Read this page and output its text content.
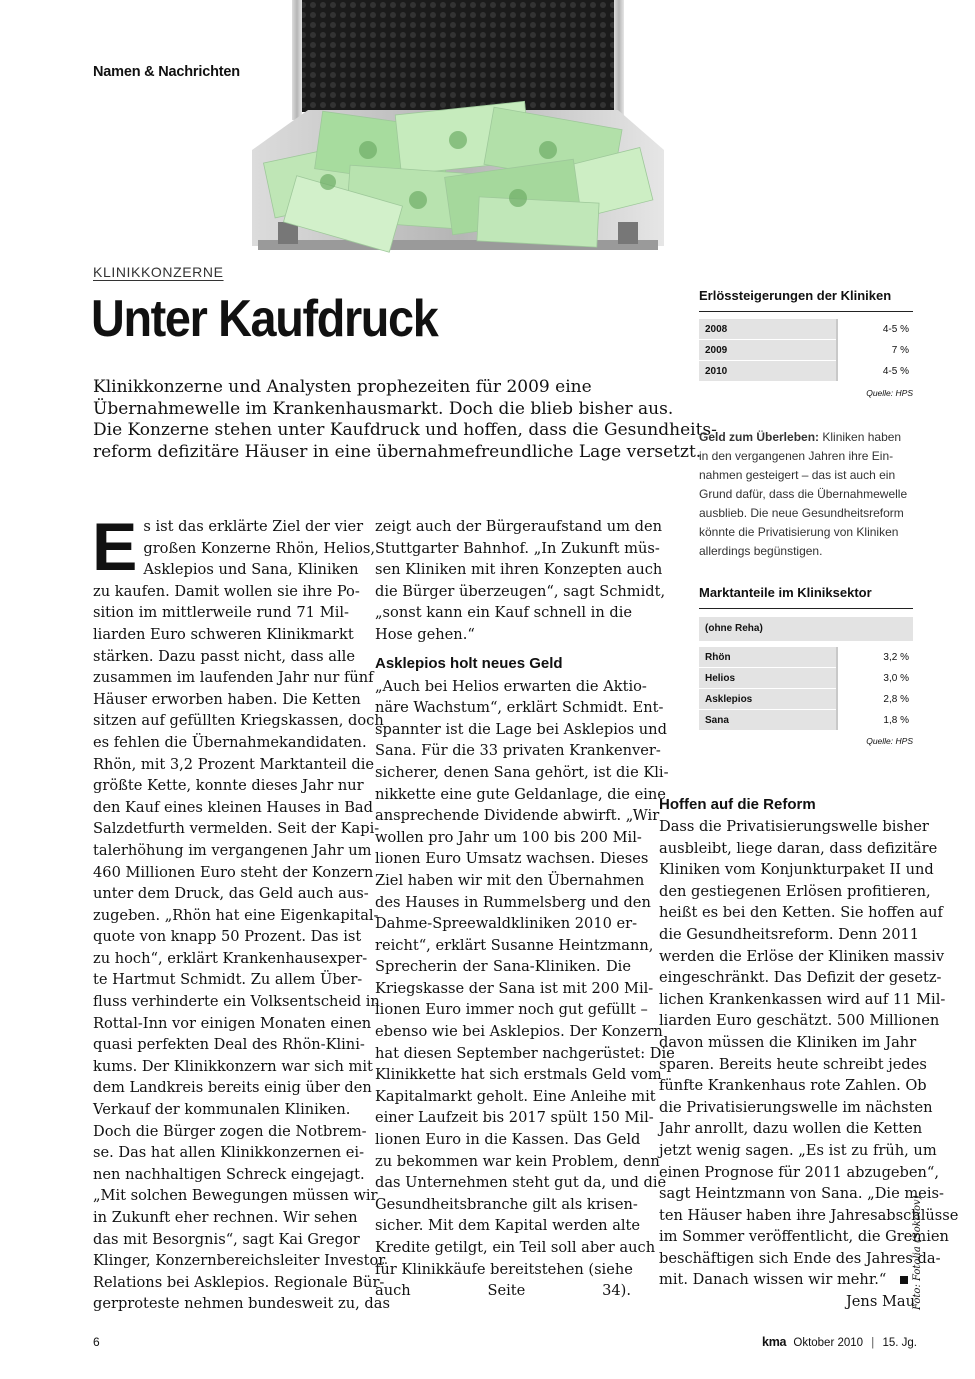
Namen & Nachrichten
KLINIKKONZERNE
Unter Kaufdruck
Klinikkonzerne und Analysten prophezeiten für 2009 eine
Übernahmewelle im Krankenhausmarkt. Doch die blieb bisher aus.
Die Konzerne stehen unter Kaufdruck und hoffen, dass die Gesundheits-
reform defizitäre Häuser in eine übernahmefreundliche Lage versetzt.
E s ist das erklärte Ziel der vier
großen Konzerne Rhön, Helios,
Asklepios und Sana, Kliniken
zu kaufen. Damit wollen sie ihre Po-
sition im mittlerweile rund 71 Mil-
liarden Euro schweren Klinikmarkt
stärken. Dazu passt nicht, dass alle
zusammen im laufenden Jahr nur fünf
Häuser erworben haben. Die Ketten
sitzen auf gefüllten Kriegskassen, doch
es fehlen die Übernahmekandidaten.
Rhön, mit 3,2 Prozent Marktanteil die
größte Kette, konnte dieses Jahr nur
den Kauf eines kleinen Hauses in Bad
Salzdetfurth vermelden. Seit der Kapi-
talerhöhung im vergangenen Jahr um
460 Millionen Euro steht der Konzern
unter dem Druck, das Geld auch aus-
zugeben. „Rhön hat eine Eigenkapital-
quote von knapp 50 Prozent. Das ist
zu hoch“, erklärt Krankenhausexper-
te Hartmut Schmidt. Zu allem Über-
fluss verhinderte ein Volksentscheid in
Rottal-Inn vor einigen Monaten einen
quasi perfekten Deal des Rhön-Klini-
kums. Der Klinikkonzern war sich mit
dem Landkreis bereits einig über den
Verkauf der kommunalen Kliniken.
Doch die Bürger zogen die Notbrem-
se. Das hat allen Klinikkonzernen ei-
nen nachhaltigen Schreck eingejagt.
„Mit solchen Bewegungen müssen wir
in Zukunft eher rechnen. Wir sehen
das mit Besorgnis“, sagt Kai Gregor
Klinger, Konzernbereichsleiter Investor
Relations bei Asklepios. Regionale Bür-
gerproteste nehmen bundesweit zu, das
zeigt auch der Bürgeraufstand um den
Stuttgarter Bahnhof. „In Zukunft müs-
sen Kliniken mit ihren Konzepten auch
die Bürger überzeugen“, sagt Schmidt,
„sonst kann ein Kauf schnell in die
Hose gehen.“
Asklepios holt neues Geld
„Auch bei Helios erwarten die Aktio-
näre Wachstum“, erklärt Schmidt. Ent-
spannter ist die Lage bei Asklepios und
Sana. Für die 33 privaten Krankenver-
sicherer, denen Sana gehört, ist die Kli-
nikkette eine gute Geldanlage, die eine
ansprechende Dividende abwirft. „Wir
wollen pro Jahr um 100 bis 200 Mil-
lionen Euro Umsatz wachsen. Dieses
Ziel haben wir mit den Übernahmen
des Hauses in Rummelsberg und den
Dahme-Spreewaldkliniken 2010 er-
reicht“, erklärt Susanne Heintzmann,
Sprecherin der Sana-Kliniken. Die
Kriegskasse der Sana ist mit 200 Mil-
lionen Euro immer noch gut gefüllt –
ebenso wie bei Asklepios. Der Konzern
hat diesen September nachgerüstet: Die
Klinikkette hat sich erstmals Geld vom
Kapitalmarkt geholt. Eine Anleihe mit
einer Laufzeit bis 2017 spült 150 Mil-
lionen Euro in die Kassen. Das Geld
zu bekommen war kein Problem, denn
das Unternehmen steht gut da, und die
Gesundheitsbranche gilt als krisen-
sicher. Mit dem Kapital werden alte
Kredite getilgt, ein Teil soll aber auch
für Klinikkäufe bereitstehen (siehe
auch Seite 34).
Hoffen auf die Reform
Dass die Privatisierungswelle bisher
ausbleibt, liege daran, dass defizitäre
Kliniken vom Konjunkturpaket II und
den gestiegenen Erlösen profitieren,
heißt es bei den Ketten. Sie hoffen auf
die Gesundheitsreform. Denn 2011
werden die Erlöse der Kliniken massiv
eingeschränkt. Das Defizit der gesetz-
lichen Krankenkassen wird auf 11 Mil-
liarden Euro geschätzt. 500 Millionen
davon müssen die Kliniken im Jahr
sparen. Bereits heute schreibt jedes
fünfte Krankenhaus rote Zahlen. Ob
die Privatisierungswelle im nächsten
Jahr anrollt, dazu wollen die Ketten
jetzt wenig sagen. „Es ist zu früh, um
einen Prognose für 2011 abzugeben“,
sagt Heintzmann von Sana. „Die meis-
ten Häuser haben ihre Jahresabschlüsse
im Sommer veröffentlicht, die Gremien
beschäftigen sich Ende des Jahres da-
mit. Danach wissen wir mehr.“
Jens Mau
Erlössteigerungen der Kliniken
2008	4-5 %
2009	7 %
2010	4-5 %
Quelle: HPS
Geld zum Überleben: Kliniken haben
in den vergangenen Jahren ihre Ein-
nahmen gesteigert – das ist auch ein
Grund dafür, dass die Übernahmewelle
ausblieb. Die neue Gesundheitsreform
könnte die Privatisierung von Kliniken
allerdings begünstigen.
Marktanteile im Kliniksektor
(ohne Reha)
Rhön	3,2 %
Helios	3,0 %
Asklepios	2,8 %
Sana	1,8 %
Quelle: HPS
Foto: Fotolia (Sokolov)
6	kma Oktober 2010 | 15. Jg.
